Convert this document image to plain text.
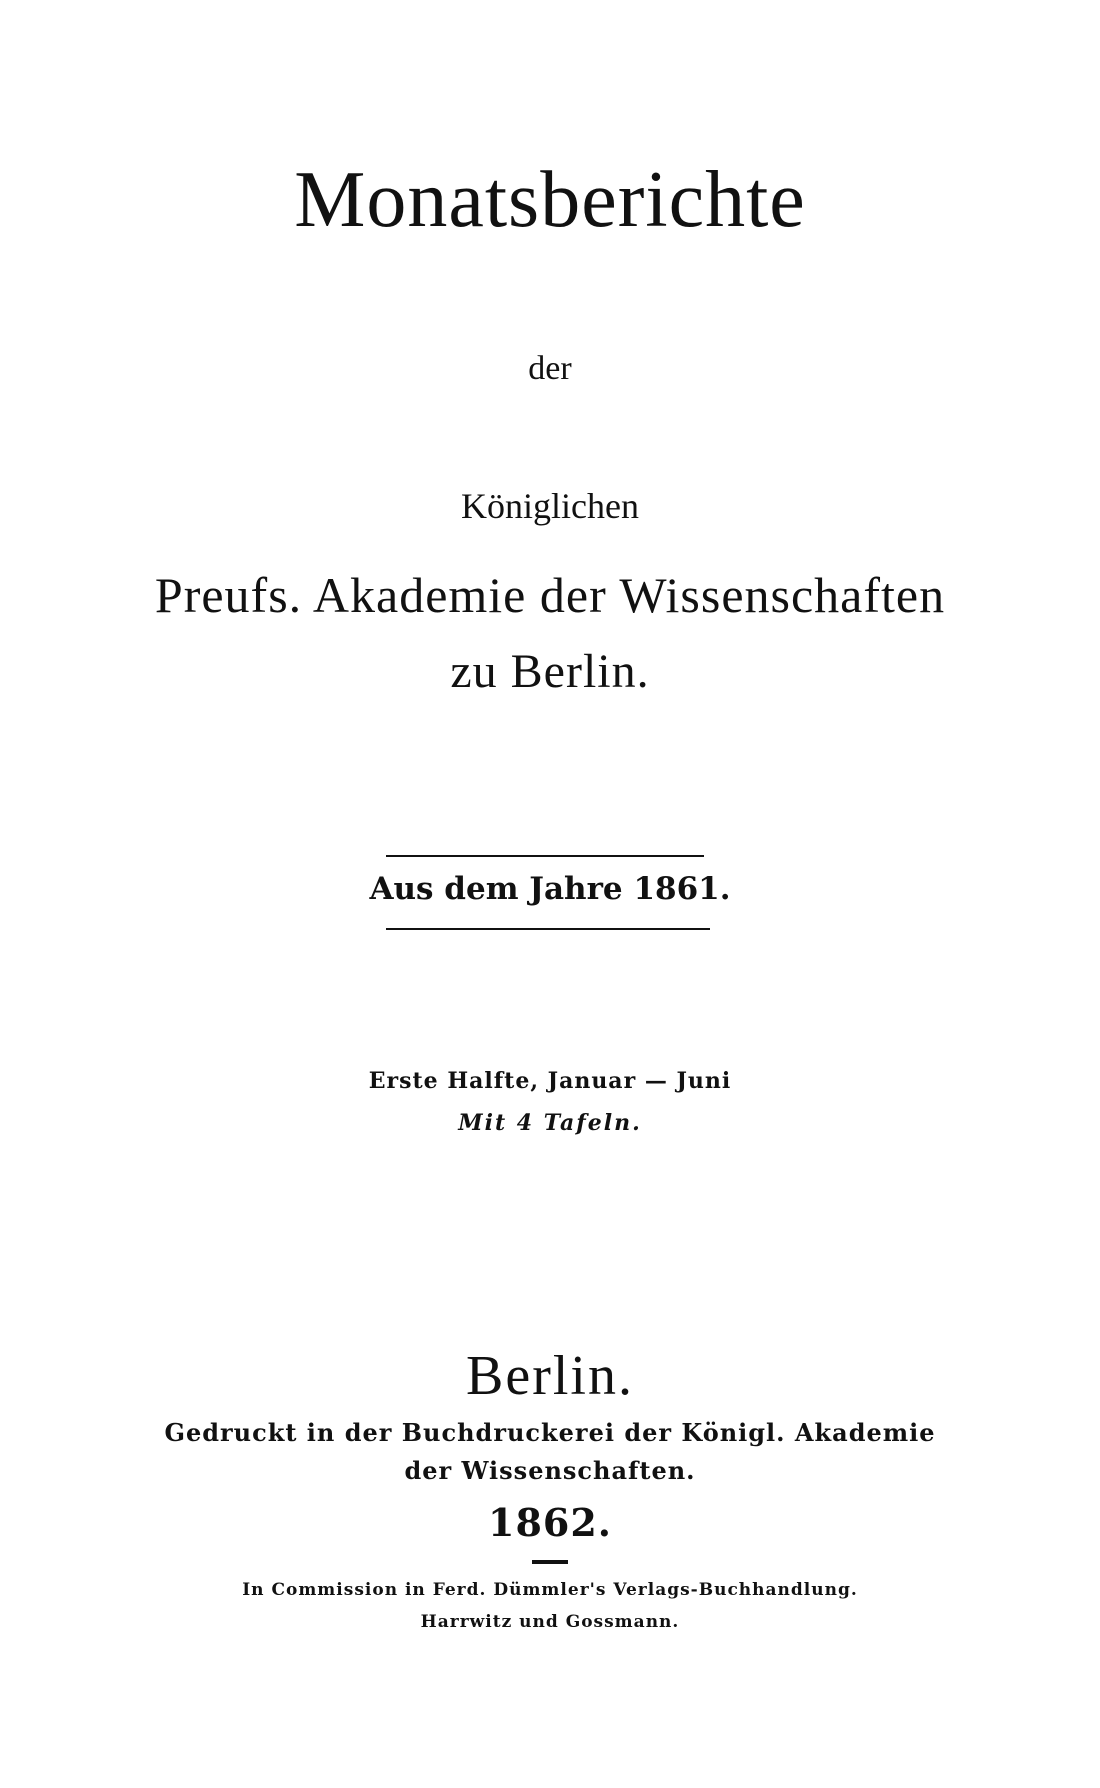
Monatsberichte
der
Königlichen
Preufs. Akademie der Wissenschaften
zu Berlin.
Aus dem Jahre 1861.
Erste Halfte, Januar — Juni
Mit 4 Tafeln.
Berlin.
Gedruckt in der Buchdruckerei der Königl. Akademie
der Wissenschaften.
1862.
In Commission in Ferd. Dümmler's Verlags-Buchhandlung.
Harrwitz und Gossmann.
